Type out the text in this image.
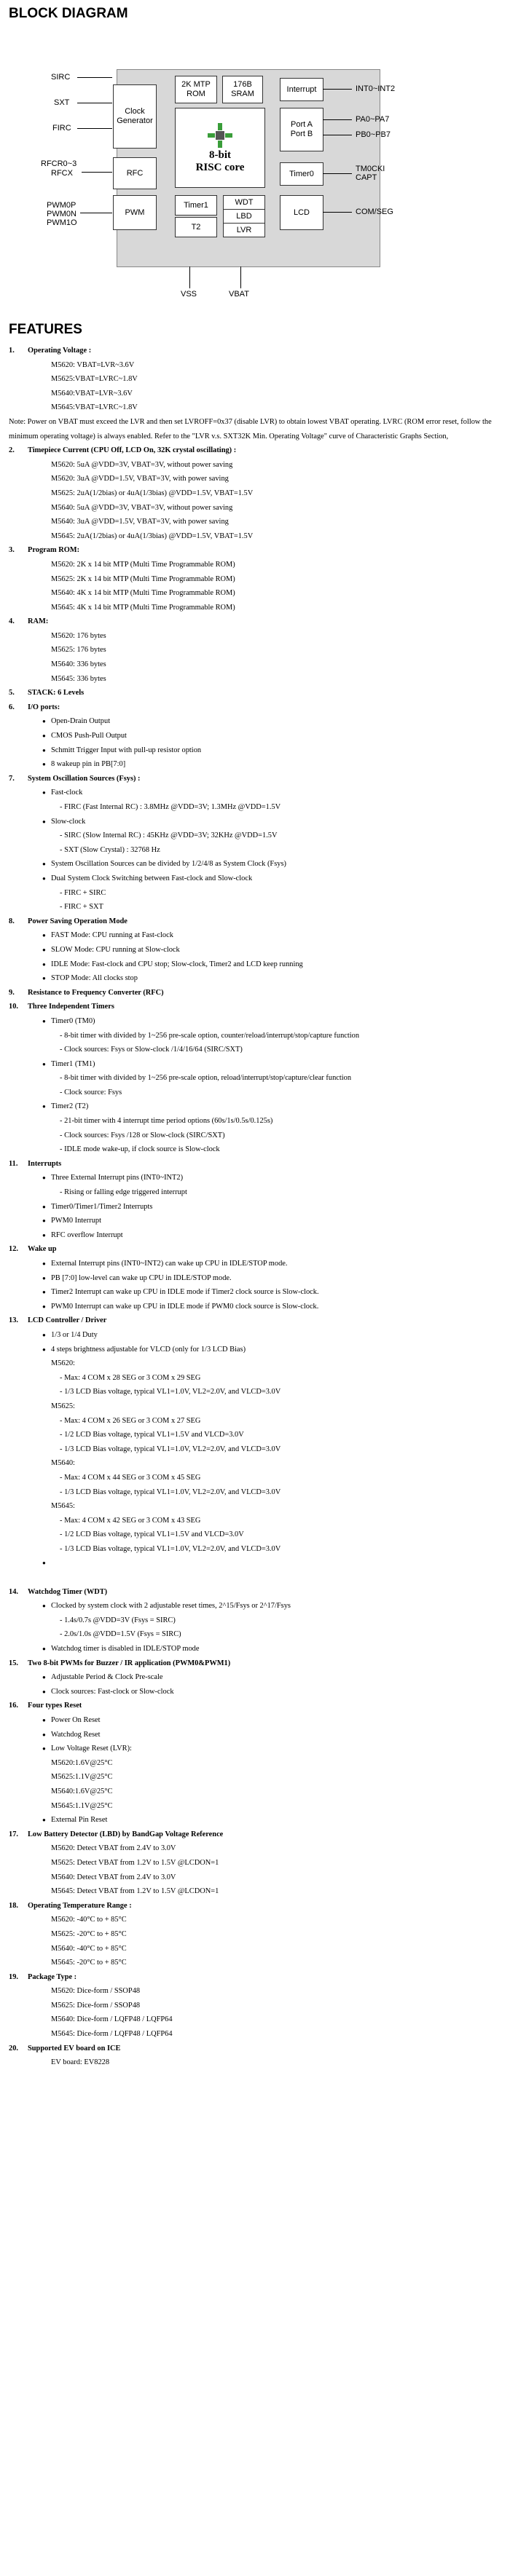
BLOCK DIAGRAM
Clock Generator
2K MTP
ROM
176B
SRAM
Interrupt
8-bit
RISC core
Port A
Port B
RFC	Timer0
Timer1
T2
WDT
LBD
LVR
PWM	LCD
SIRC
SXT
FIRC
RFCR0~3
RFCX
PWM0P
PWM0N
PWM1O
INT0~INT2
PA0~PA7
PB0~PB7
TM0CKI
CAPT
COM/SEG
VSS	VBAT
FEATURES
1. Operating Voltage :
M5620: VBAT=LVR~3.6V
M5625:VBAT=LVRC~1.8V
M5640:VBAT=LVR~3.6V
M5645:VBAT=LVRC~1.8V
Note: Power on VBAT must exceed the LVR and then set LVROFF=0x37 (disable LVR) to obtain lowest VBAT operating. LVRC (ROM error reset, follow the minimum operating voltage) is always enabled. Refer to the "LVR v.s. SXT32K Min. Operating Voltage" curve of Characteristic Graphs Section,
2. Timepiece Current (CPU Off, LCD On, 32K crystal oscillating) :
M5620: 5uA @VDD=3V, VBAT=3V, without power saving
M5620: 3uA @VDD=1.5V, VBAT=3V, with power saving
M5625: 2uA(1/2bias) or 4uA(1/3bias) @VDD=1.5V, VBAT=1.5V
M5640: 5uA @VDD=3V, VBAT=3V, without power saving
M5640: 3uA @VDD=1.5V, VBAT=3V, with power saving
M5645: 2uA(1/2bias) or 4uA(1/3bias) @VDD=1.5V, VBAT=1.5V
3. Program ROM:
M5620: 2K x 14 bit MTP (Multi Time Programmable ROM)
M5625: 2K x 14 bit MTP (Multi Time Programmable ROM)
M5640: 4K x 14 bit MTP (Multi Time Programmable ROM)
M5645: 4K x 14 bit MTP (Multi Time Programmable ROM)
4. RAM:
M5620: 176 bytes
M5625: 176 bytes
M5640: 336 bytes
M5645: 336 bytes
5. STACK: 6 Levels
6. I/O ports:
● Open-Drain Output
● CMOS Push-Pull Output
● Schmitt Trigger Input with pull-up resistor option
● 8 wakeup pin in PB[7:0]
7. System Oscillation Sources (Fsys) :
● Fast-clock
- FIRC (Fast Internal RC) : 3.8MHz @VDD=3V; 1.3MHz @VDD=1.5V
● Slow-clock
- SIRC (Slow Internal RC) : 45KHz @VDD=3V; 32KHz @VDD=1.5V
- SXT (Slow Crystal) : 32768 Hz
● System Oscillation Sources can be divided by 1/2/4/8 as System Clock (Fsys)
● Dual System Clock Switching between Fast-clock and Slow-clock
- FIRC + SIRC
- FIRC + SXT
8. Power Saving Operation Mode
● FAST Mode: CPU running at Fast-clock
● SLOW Mode: CPU running at Slow-clock
● IDLE Mode: Fast-clock and CPU stop; Slow-clock, Timer2 and LCD keep running
● STOP Mode: All clocks stop
9. Resistance to Frequency Converter (RFC)
10. Three Independent Timers
● Timer0 (TM0)
- 8-bit timer with divided by 1~256 pre-scale option, counter/reload/interrupt/stop/capture function
- Clock sources: Fsys or Slow-clock /1/4/16/64 (SIRC/SXT)
● Timer1 (TM1)
- 8-bit timer with divided by 1~256 pre-scale option, reload/interrupt/stop/capture/clear function
- Clock source: Fsys
● Timer2 (T2)
- 21-bit timer with 4 interrupt time period options (60s/1s/0.5s/0.125s)
- Clock sources: Fsys /128 or Slow-clock (SIRC/SXT)
- IDLE mode wake-up, if clock source is Slow-clock
11. Interrupts
● Three External Interrupt pins (INT0~INT2)
- Rising or falling edge triggered interrupt
● Timer0/Timer1/Timer2 Interrupts
● PWM0 Interrupt
● RFC overflow Interrupt
12. Wake up
● External Interrupt pins (INT0~INT2) can wake up CPU in IDLE/STOP mode.
● PB [7:0] low-level can wake up CPU in IDLE/STOP mode.
● Timer2 Interrupt can wake up CPU in IDLE mode if Timer2 clock source is Slow-clock.
● PWM0 Interrupt can wake up CPU in IDLE mode if PWM0 clock source is Slow-clock.
13. LCD Controller / Driver
● 1/3 or 1/4 Duty
● 4 steps brightness adjustable for VLCD (only for 1/3 LCD Bias)
M5620:
- Max: 4 COM x 28 SEG or 3 COM x 29 SEG
- 1/3 LCD Bias voltage, typical VL1=1.0V, VL2=2.0V, and VLCD=3.0V
M5625:
- Max: 4 COM x 26 SEG or 3 COM x 27 SEG
- 1/2 LCD Bias voltage, typical VL1=1.5V and VLCD=3.0V
- 1/3 LCD Bias voltage, typical VL1=1.0V, VL2=2.0V, and VLCD=3.0V
M5640:
- Max: 4 COM x 44 SEG or 3 COM x 45 SEG
- 1/3 LCD Bias voltage, typical VL1=1.0V, VL2=2.0V, and VLCD=3.0V
M5645:
- Max: 4 COM x 42 SEG or 3 COM x 43 SEG
- 1/2 LCD Bias voltage, typical VL1=1.5V and VLCD=3.0V
- 1/3 LCD Bias voltage, typical VL1=1.0V, VL2=2.0V, and VLCD=3.0V
●
14. Watchdog Timer (WDT)
● Clocked by system clock with 2 adjustable reset times, 2^15/Fsys or 2^17/Fsys
- 1.4s/0.7s @VDD=3V (Fsys = SIRC)
- 2.0s/1.0s @VDD=1.5V (Fsys = SIRC)
● Watchdog timer is disabled in IDLE/STOP mode
15. Two 8-bit PWMs for Buzzer / IR application (PWM0&PWM1)
● Adjustable Period & Clock Pre-scale
● Clock sources: Fast-clock or Slow-clock
16. Four types Reset
● Power On Reset
● Watchdog Reset
● Low Voltage Reset (LVR):
M5620:1.6V@25°C
M5625:1.1V@25°C
M5640:1.6V@25°C
M5645:1.1V@25°C
● External Pin Reset
17. Low Battery Detector (LBD) by BandGap Voltage Reference
M5620: Detect VBAT from 2.4V to 3.0V
M5625: Detect VBAT from 1.2V to 1.5V @LCDON=1
M5640: Detect VBAT from 2.4V to 3.0V
M5645: Detect VBAT from 1.2V to 1.5V @LCDON=1
18. Operating Temperature Range :
M5620: -40°C to + 85°C
M5625: -20°C to + 85°C
M5640: -40°C to + 85°C
M5645: -20°C to + 85°C
19. Package Type :
M5620: Dice-form / SSOP48
M5625: Dice-form / SSOP48
M5640: Dice-form / LQFP48 / LQFP64
M5645: Dice-form / LQFP48 / LQFP64
20. Supported EV board on ICE
EV board: EV8228
